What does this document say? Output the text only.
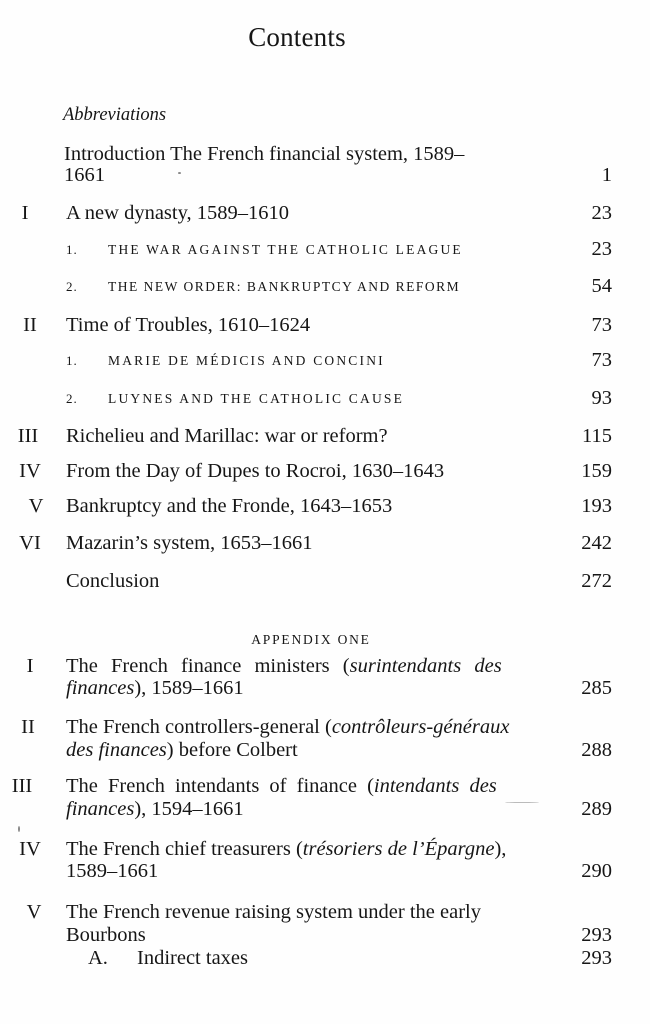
Contents
Abbreviations
Introduction The French financial system, 1589–
1661	1
I	A new dynasty, 1589–1610	23
1. THE WAR AGAINST THE CATHOLIC LEAGUE	23
2. THE NEW ORDER: BANKRUPTCY AND REFORM	54
II	Time of Troubles, 1610–1624	73
1. MARIE DE MÉDICIS AND CONCINI	73
2. LUYNES AND THE CATHOLIC CAUSE	93
III	Richelieu and Marillac: war or reform?	115
IV	From the Day of Dupes to Rocroi, 1630–1643	159
V	Bankruptcy and the Fronde, 1643–1653	193
VI	Mazarin’s system, 1653–1661	242
Conclusion	272
APPENDIX ONE
I	The French finance ministers (surintendants des
finances), 1589–1661	285
II	The French controllers-general (contrôleurs-généraux
des finances) before Colbert	288
III	The French intendants of finance (intendants des
finances), 1594–1661	289
IV	The French chief treasurers (trésoriers de l’Épargne),
1589–1661	290
V	The French revenue raising system under the early
Bourbons	293
A.	Indirect taxes	293
